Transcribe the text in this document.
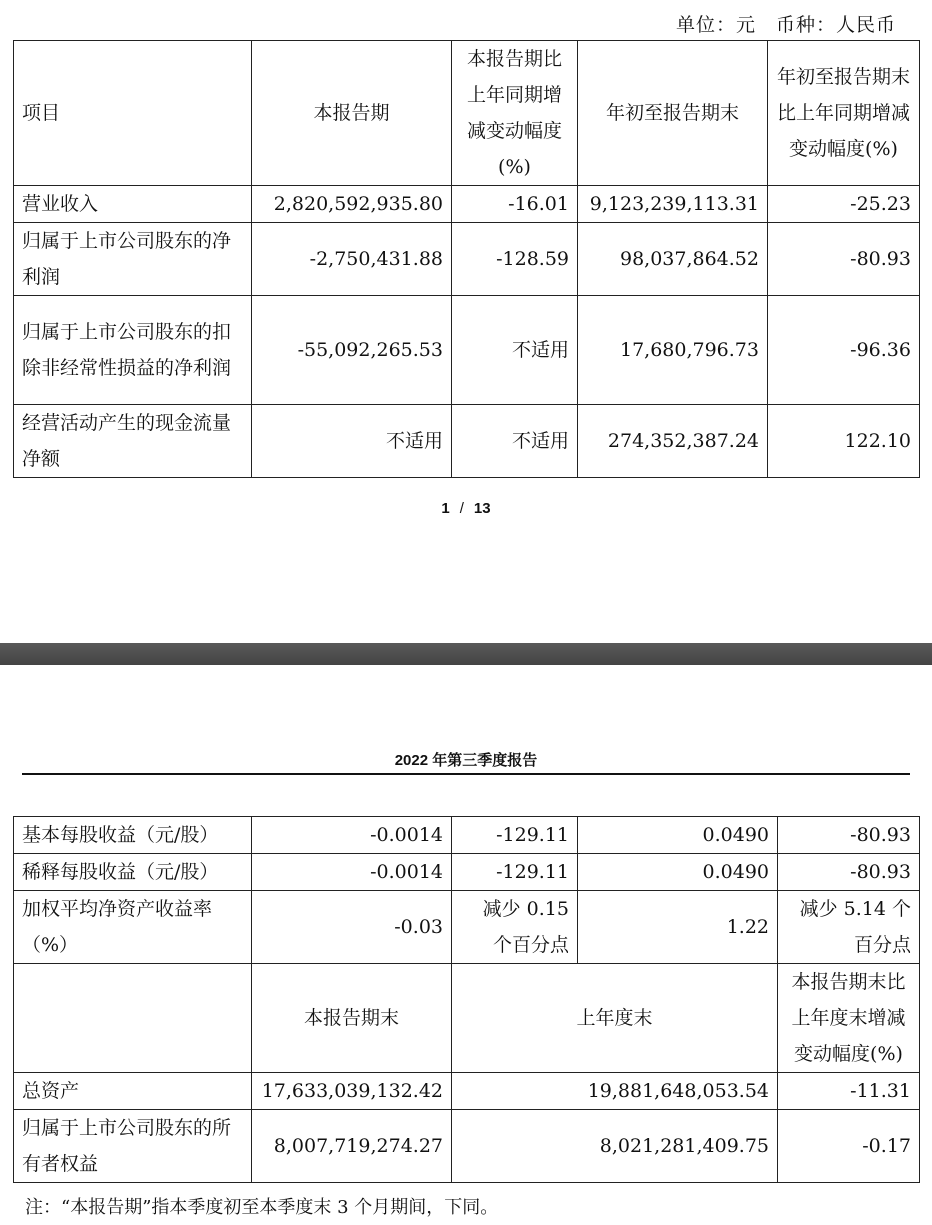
单位：元　币种：人民币
项目	本报告期	本报告期比上年同期增减变动幅度(%)	年初至报告期末	年初至报告期末比上年同期增减变动幅度(%)
营业收入	2,820,592,935.80	-16.01	9,123,239,113.31	-25.23
归属于上市公司股东的净利润	-2,750,431.88	-128.59	98,037,864.52	-80.93
归属于上市公司股东的扣除非经常性损益的净利润	-55,092,265.53	不适用	17,680,796.73	-96.36
经营活动产生的现金流量净额	不适用	不适用	274,352,387.24	122.10
1 / 13
2022 年第三季度报告
基本每股收益（元/股）	-0.0014	-129.11	0.0490	-80.93
稀释每股收益（元/股）	-0.0014	-129.11	0.0490	-80.93
加权平均净资产收益率（%）	-0.03	减少 0.15 个百分点	1.22	减少 5.14 个百分点
	本报告期末	上年度末		本报告期末比上年度末增减变动幅度(%)
总资产	17,633,039,132.42	19,881,648,053.54		-11.31
归属于上市公司股东的所有者权益	8,007,719,274.27	8,021,281,409.75		-0.17
注：“本报告期”指本季度初至本季度末 3 个月期间，下同。
